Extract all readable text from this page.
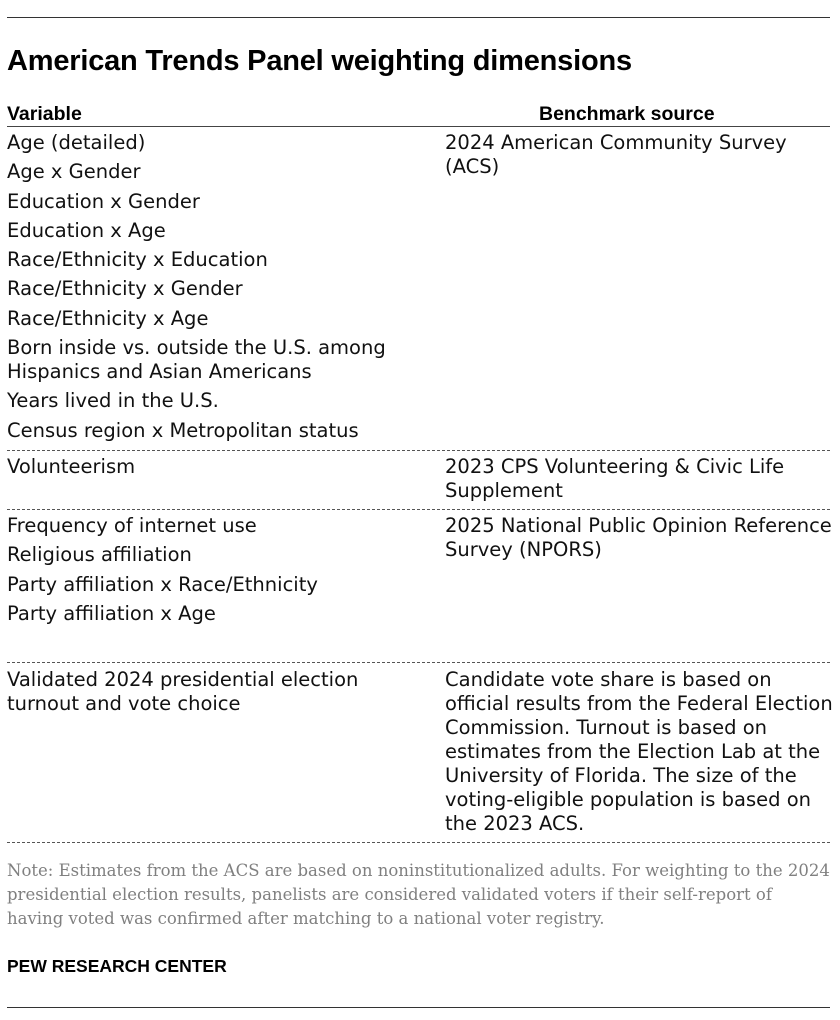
American Trends Panel weighting dimensions
Variable	Benchmark source
Age (detailed)
Age x Gender
Education x Gender
Education x Age
Race/Ethnicity x Education
Race/Ethnicity x Gender
Race/Ethnicity x Age
Born inside vs. outside the U.S. among Hispanics and Asian Americans
Years lived in the U.S.
Census region x Metropolitan status
2024 American Community Survey (ACS)
Volunteerism	2023 CPS Volunteering & Civic Life Supplement
Frequency of internet use
Religious affiliation
Party affiliation x Race/Ethnicity
Party affiliation x Age
2025 National Public Opinion Reference Survey (NPORS)
Validated 2024 presidential election turnout and vote choice
Candidate vote share is based on official results from the Federal Election Commission. Turnout is based on estimates from the Election Lab at the University of Florida. The size of the voting-eligible population is based on the 2023 ACS.
Note: Estimates from the ACS are based on noninstitutionalized adults. For weighting to the 2024 presidential election results, panelists are considered validated voters if their self-report of having voted was confirmed after matching to a national voter registry.
PEW RESEARCH CENTER
